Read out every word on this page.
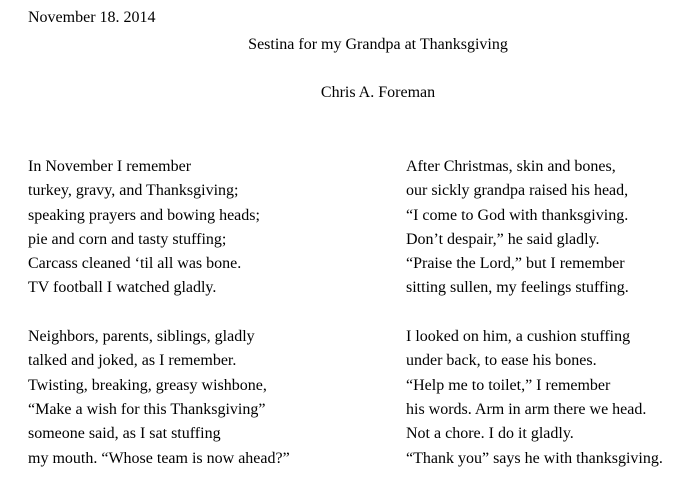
November 18. 2014
Sestina for my Grandpa at Thanksgiving
Chris A. Foreman
In November I remember
turkey, gravy, and Thanksgiving;
speaking prayers and bowing heads;
pie and corn and tasty stuffing;
Carcass cleaned ‘til all was bone.
TV football I watched gladly.
Neighbors, parents, siblings, gladly
talked and joked, as I remember.
Twisting, breaking, greasy wishbone,
“Make a wish for this Thanksgiving”
someone said, as I sat stuffing
my mouth. “Whose team is now ahead?”
After Christmas, skin and bones,
our sickly grandpa raised his head,
“I come to God with thanksgiving.
Don’t despair,” he said gladly.
“Praise the Lord,” but I remember
sitting sullen, my feelings stuffing.
I looked on him, a cushion stuffing
under back, to ease his bones.
“Help me to toilet,” I remember
his words. Arm in arm there we head.
Not a chore. I do it gladly.
“Thank you” says he with thanksgiving.
